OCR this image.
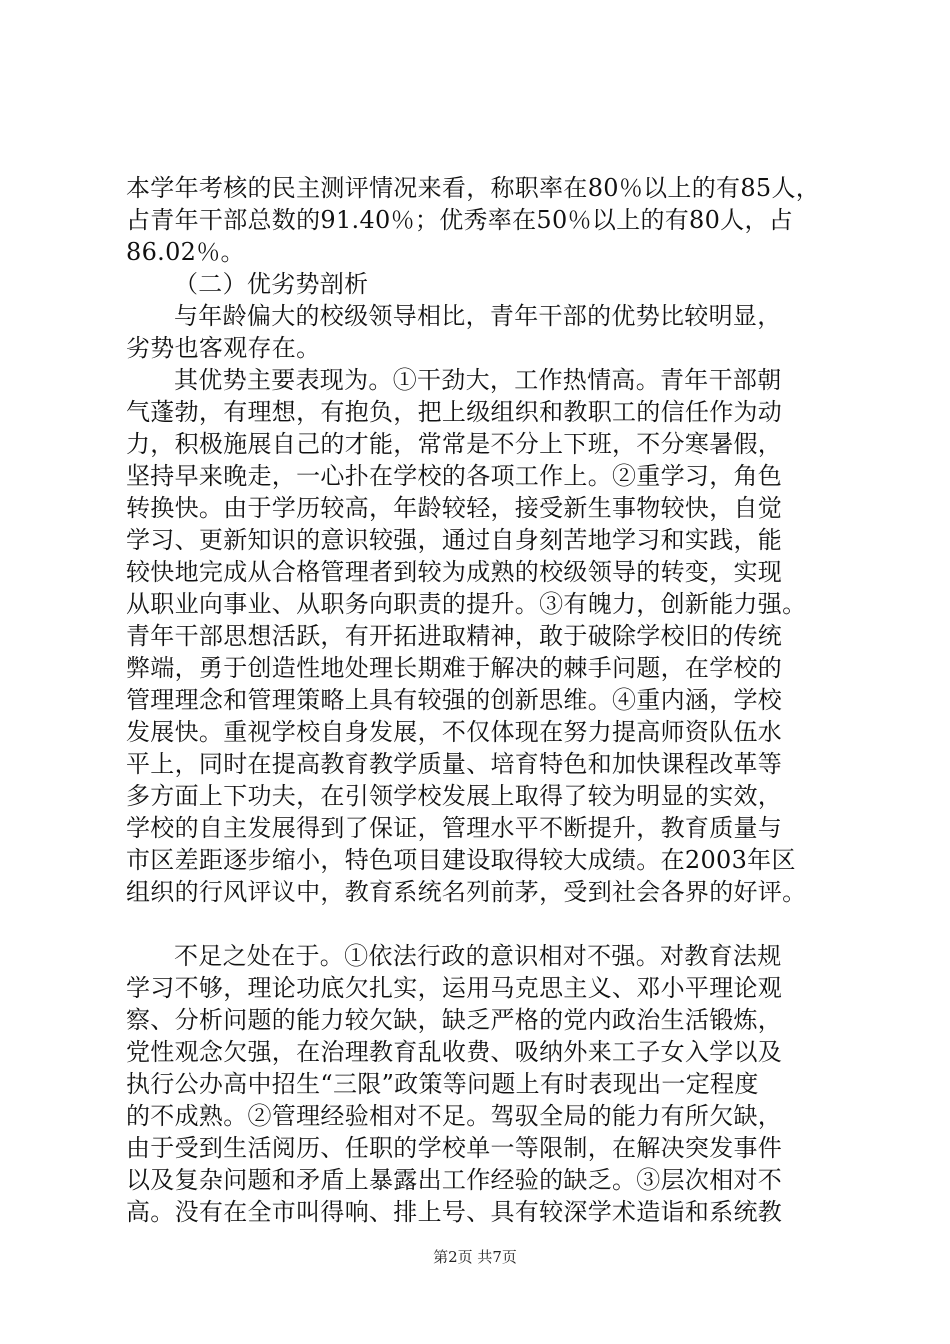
本学年考核的民主测评情况来看，称职率在80％以上的有85人，
占青年干部总数的91.40％；优秀率在50％以上的有80人，占
86.02％。
（二）优劣势剖析
与年龄偏大的校级领导相比，青年干部的优势比较明显，
劣势也客观存在。
其优势主要表现为。①干劲大，工作热情高。青年干部朝
气蓬勃，有理想，有抱负，把上级组织和教职工的信任作为动
力，积极施展自己的才能，常常是不分上下班，不分寒暑假，
坚持早来晚走，一心扑在学校的各项工作上。②重学习，角色
转换快。由于学历较高，年龄较轻，接受新生事物较快，自觉
学习、更新知识的意识较强，通过自身刻苦地学习和实践，能
较快地完成从合格管理者到较为成熟的校级领导的转变，实现
从职业向事业、从职务向职责的提升。③有魄力，创新能力强。
青年干部思想活跃，有开拓进取精神，敢于破除学校旧的传统
弊端，勇于创造性地处理长期难于解决的棘手问题，在学校的
管理理念和管理策略上具有较强的创新思维。④重内涵，学校
发展快。重视学校自身发展，不仅体现在努力提高师资队伍水
平上，同时在提高教育教学质量、培育特色和加快课程改革等
多方面上下功夫，在引领学校发展上取得了较为明显的实效，
学校的自主发展得到了保证，管理水平不断提升，教育质量与
市区差距逐步缩小，特色项目建设取得较大成绩。在2003年区
组织的行风评议中，教育系统名列前茅，受到社会各界的好评。
不足之处在于。①依法行政的意识相对不强。对教育法规
学习不够，理论功底欠扎实，运用马克思主义、邓小平理论观
察、分析问题的能力较欠缺，缺乏严格的党内政治生活锻炼，
党性观念欠强，在治理教育乱收费、吸纳外来工子女入学以及
执行公办高中招生“三限”政策等问题上有时表现出一定程度
的不成熟。②管理经验相对不足。驾驭全局的能力有所欠缺，
由于受到生活阅历、任职的学校单一等限制，在解决突发事件
以及复杂问题和矛盾上暴露出工作经验的缺乏。③层次相对不
高。没有在全市叫得响、排上号、具有较深学术造诣和系统教
第2页 共7页
